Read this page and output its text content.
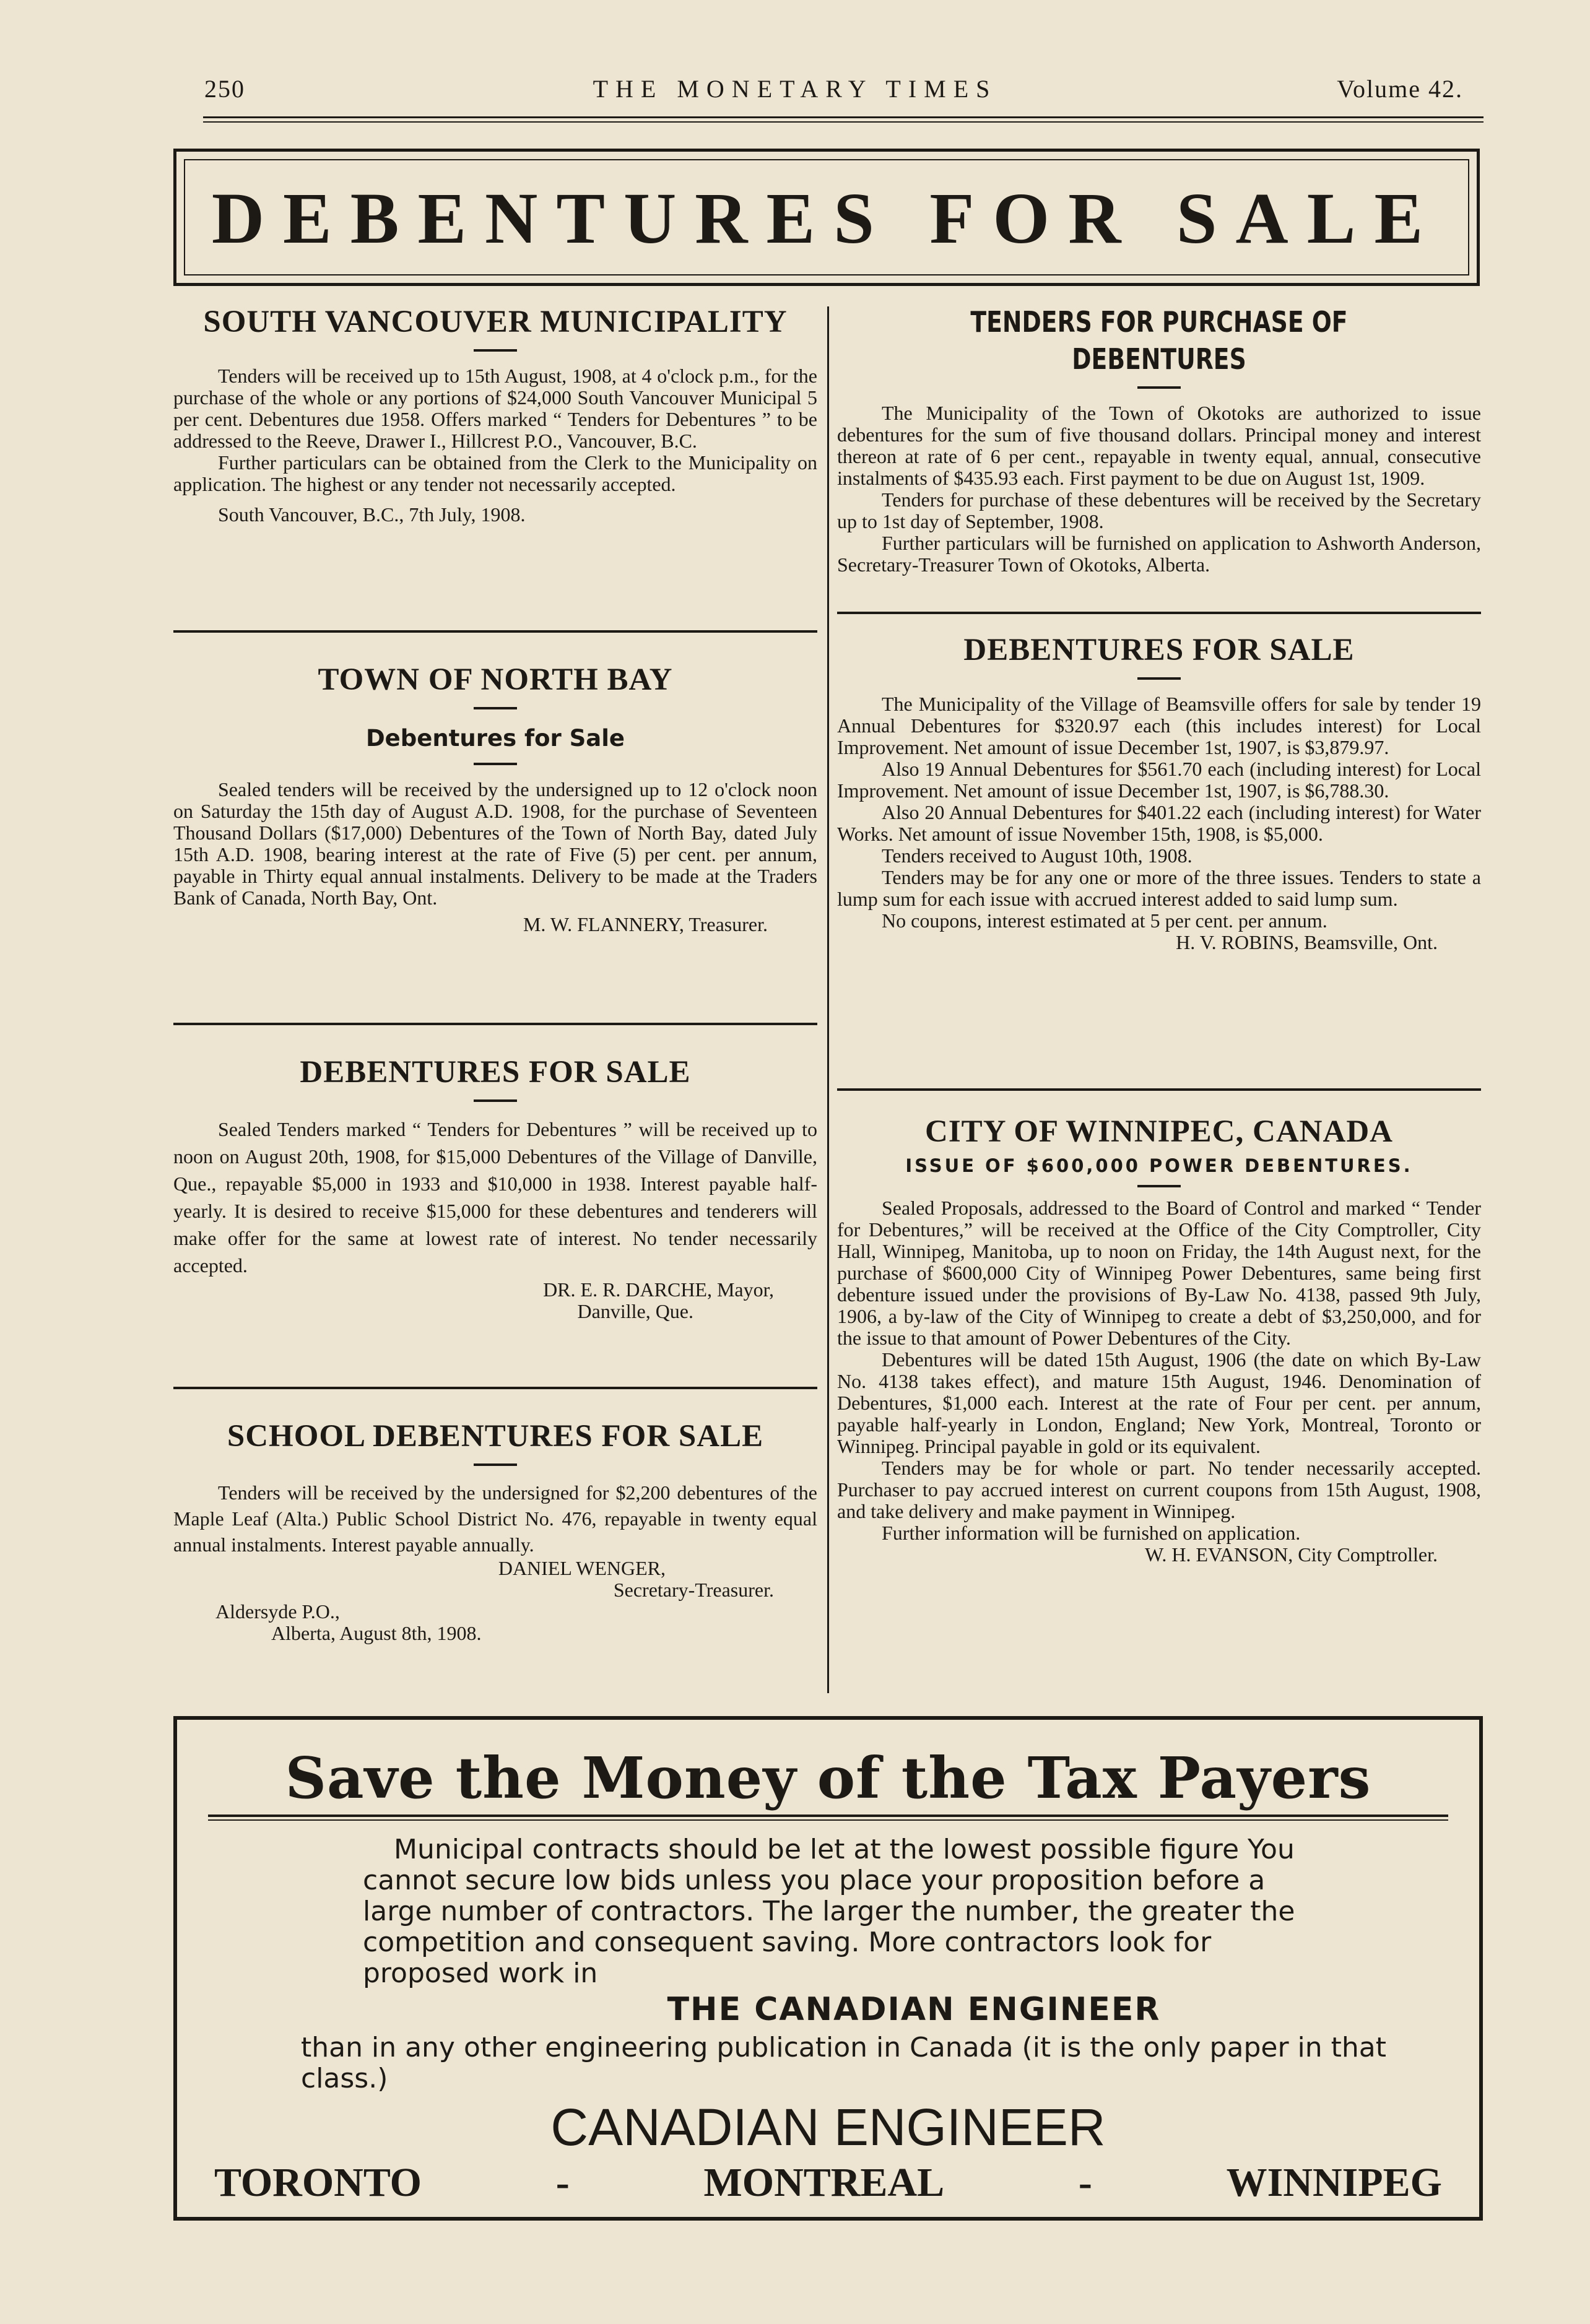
250	THE MONETARY TIMES	Volume 42.
DEBENTURES FOR SALE
SOUTH VANCOUVER MUNICIPALITY

Tenders will be received up to 15th August, 1908, at 4 o'clock p.m., for the purchase of the whole or any portions of $24,000 South Vancouver Municipal 5 per cent. Debentures due 1958. Offers marked “ Tenders for Debentures ” to be addressed to the Reeve, Drawer I., Hillcrest P.O., Vancouver, B.C.

Further particulars can be obtained from the Clerk to the Municipality on application. The highest or any tender not necessarily accepted.

South Vancouver, B.C., 7th July, 1908.

TOWN OF NORTH BAY
Debentures for Sale

Sealed tenders will be received by the undersigned up to 12 o'clock noon on Saturday the 15th day of August A.D. 1908, for the purchase of Seventeen Thousand Dollars ($17,000) Debentures of the Town of North Bay, dated July 15th A.D. 1908, bearing interest at the rate of Five (5) per cent. per annum, payable in Thirty equal annual instalments. Delivery to be made at the Traders Bank of Canada, North Bay, Ont.

M. W. FLANNERY, Treasurer.

DEBENTURES FOR SALE

Sealed Tenders marked “ Tenders for Debentures ” will be received up to noon on August 20th, 1908, for $15,000 Debentures of the Village of Danville, Que., repayable $5,000 in 1933 and $10,000 in 1938. Interest payable half-yearly. It is desired to receive $15,000 for these debentures and tenderers will make offer for the same at lowest rate of interest. No tender necessarily accepted.

DR. E. R. DARCHE, Mayor,

Danville, Que.

SCHOOL DEBENTURES FOR SALE

Tenders will be received by the undersigned for $2,200 debentures of the Maple Leaf (Alta.) Public School District No. 476, repayable in twenty equal annual instalments. Interest payable annually.

DANIEL WENGER,

Secretary-Treasurer.

Aldersyde P.O.,

Alberta, August 8th, 1908.

TENDERS FOR PURCHASE OF DEBENTURES

The Municipality of the Town of Okotoks are authorized to issue debentures for the sum of five thousand dollars. Principal money and interest thereon at rate of 6 per cent., repayable in twenty equal, annual, consecutive instalments of $435.93 each. First payment to be due on August 1st, 1909.

Tenders for purchase of these debentures will be received by the Secretary up to 1st day of September, 1908.

Further particulars will be furnished on application to Ashworth Anderson, Secretary-Treasurer Town of Okotoks, Alberta.

DEBENTURES FOR SALE

The Municipality of the Village of Beamsville offers for sale by tender 19 Annual Debentures for $320.97 each (this includes interest) for Local Improvement. Net amount of issue December 1st, 1907, is $3,879.97.

Also 19 Annual Debentures for $561.70 each (including interest) for Local Improvement. Net amount of issue December 1st, 1907, is $6,788.30.

Also 20 Annual Debentures for $401.22 each (including interest) for Water Works. Net amount of issue November 15th, 1908, is $5,000.

Tenders received to August 10th, 1908.

Tenders may be for any one or more of the three issues. Tenders to state a lump sum for each issue with accrued interest added to said lump sum.

No coupons, interest estimated at 5 per cent. per annum.

H. V. ROBINS, Beamsville, Ont.

CITY OF WINNIPEC, CANADA
ISSUE OF $600,000 POWER DEBENTURES.

Sealed Proposals, addressed to the Board of Control and marked “ Tender for Debentures,” will be received at the Office of the City Comptroller, City Hall, Winnipeg, Manitoba, up to noon on Friday, the 14th August next, for the purchase of $600,000 City of Winnipeg Power Debentures, same being first debenture issued under the provisions of By-Law No. 4138, passed 9th July, 1906, a by-law of the City of Winnipeg to create a debt of $3,250,000, and for the issue to that amount of Power Debentures of the City.

Debentures will be dated 15th August, 1906 (the date on which By-Law No. 4138 takes effect), and mature 15th August, 1946. Denomination of Debentures, $1,000 each. Interest at the rate of Four per cent. per annum, payable half-yearly in London, England; New York, Montreal, Toronto or Winnipeg. Principal payable in gold or its equivalent.

Tenders may be for whole or part. No tender necessarily accepted. Purchaser to pay accrued interest on current coupons from 15th August, 1908, and take delivery and make payment in Winnipeg.

Further information will be furnished on application.

W. H. EVANSON, City Comptroller.

Save the Money of the Tax Payers

Municipal contracts should be let at the lowest possible figure You cannot secure low bids unless you place your proposition before a large number of contractors. The larger the number, the greater the competition and consequent saving. More contractors look for proposed work in

THE CANADIAN ENGINEER
than in any other engineering publication in Canada (it is the only paper in that class.)
CANADIAN ENGINEER
TORONTO	-	MONTREAL	-	WINNIPEG
